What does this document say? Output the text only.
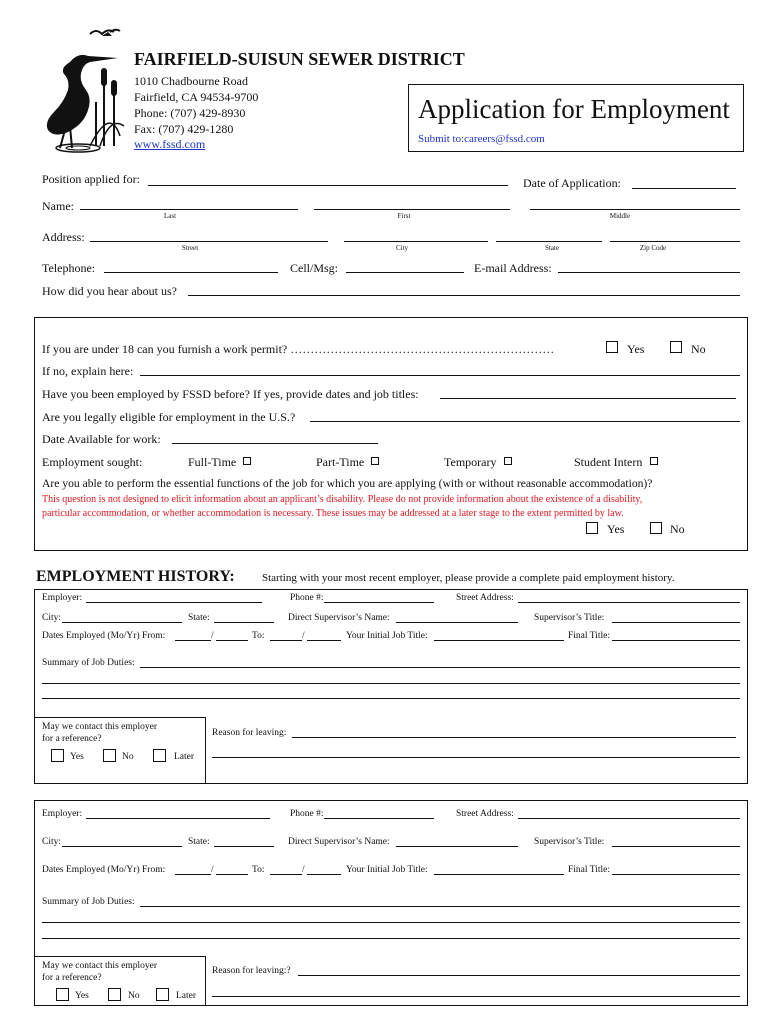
FAIRFIELD-SUISUN SEWER DISTRICT
1010 Chadbourne Road
Fairfield, CA 94534-9700
Phone: (707) 429-8930
Fax: (707) 429-1280
www.fssd.com
Application for Employment
Submit to:careers@fssd.com
Position applied for:	Date of Application:
Name:
Last	First	Middle
Address:
Street	City	State	Zip Code
Telephone:	Cell/Msg:	E-mail Address:
How did you hear about us?
If you are under 18 can you furnish a work permit? …………………………………………………………	Yes	No
If no, explain here:
Have you been employed by FSSD before? If yes, provide dates and job titles:
Are you legally eligible for employment in the U.S.?
Date Available for work:
Employment sought:	Full-Time	Part-Time	Temporary	Student Intern
Are you able to perform the essential functions of the job for which you are applying (with or without reasonable accommodation)?
This question is not designed to elicit information about an applicant’s disability. Please do not provide information about the existence of a disability,
particular accommodation, or whether accommodation is necessary. These issues may be addressed at a later stage to the extent permitted by law.
Yes	No
EMPLOYMENT HISTORY: Starting with your most recent employer, please provide a complete paid employment history.
Employer:	Phone #:	Street Address:
City:	State:	Direct Supervisor’s Name:	Supervisor’s Title:
Dates Employed (Mo/Yr) From:	/	To:	/	Your Initial Job Title:	Final Title:
Summary of Job Duties:
May we contact this employer
for a reference?
Yes	No	Later
Reason for leaving:
Employer:	Phone #:	Street Address:
City:	State:	Direct Supervisor’s Name:	Supervisor’s Title:
Dates Employed (Mo/Yr) From:	/	To:	/	Your Initial Job Title:	Final Title:
Summary of Job Duties:
May we contact this employer
for a reference?
Yes	No	Later
Reason for leaving:?
